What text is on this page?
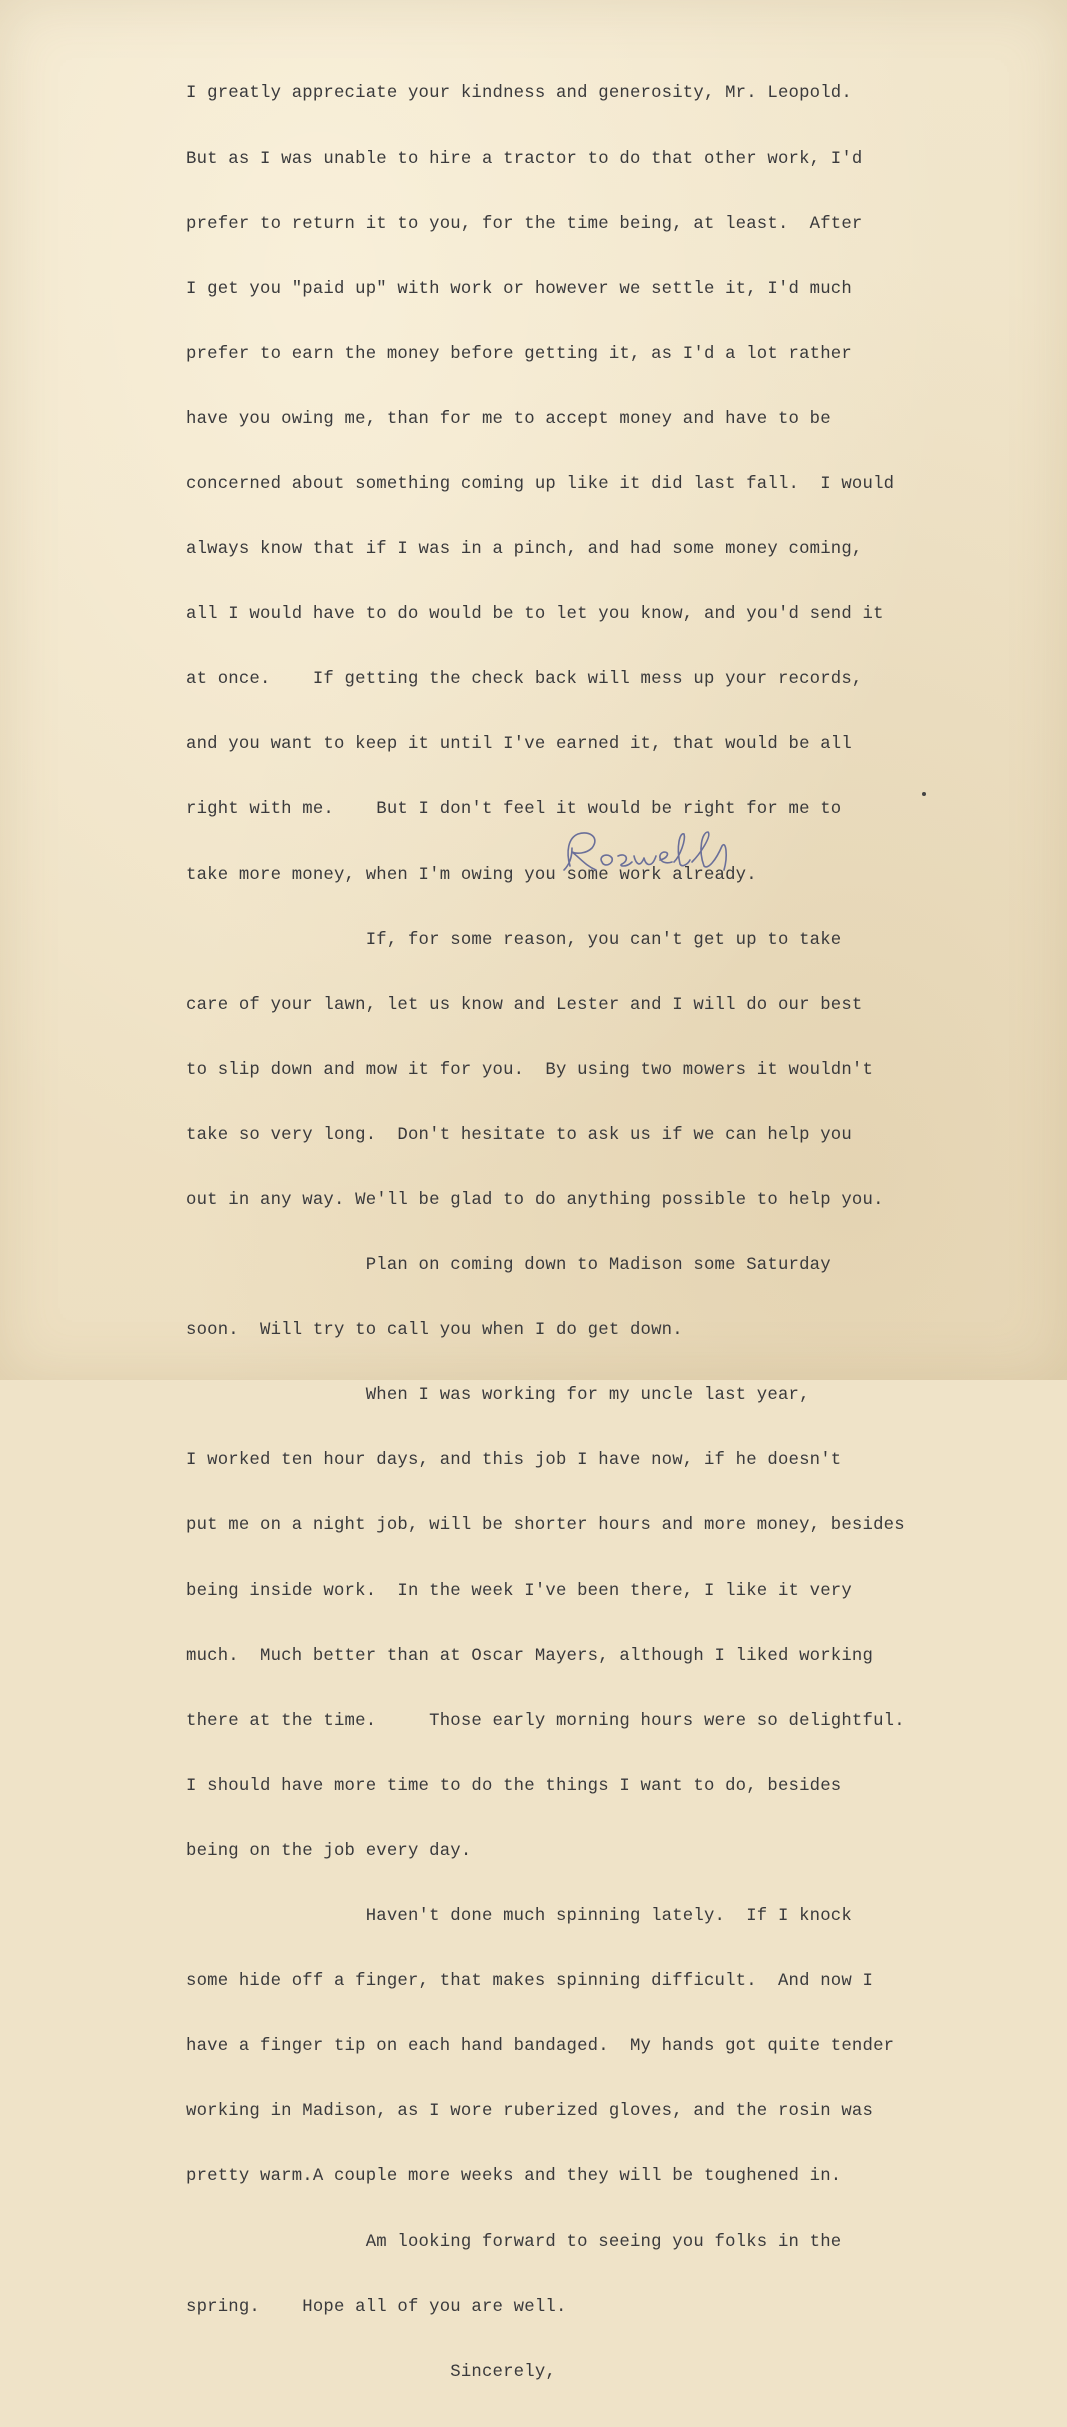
I greatly appreciate your kindness and generosity, Mr. Leopold.

But as I was unable to hire a tractor to do that other work, I'd

prefer to return it to you, for the time being, at least.  After

I get you "paid up" with work or however we settle it, I'd much

prefer to earn the money before getting it, as I'd a lot rather

have you owing me, than for me to accept money and have to be

concerned about something coming up like it did last fall.  I would

always know that if I was in a pinch, and had some money coming,

all I would have to do would be to let you know, and you'd send it

at once.    If getting the check back will mess up your records,

and you want to keep it until I've earned it, that would be all

right with me.    But I don't feel it would be right for me to

take more money, when I'm owing you some work already.

If, for some reason, you can't get up to take

care of your lawn, let us know and Lester and I will do our best

to slip down and mow it for you.  By using two mowers it wouldn't

take so very long.  Don't hesitate to ask us if we can help you

out in any way. We'll be glad to do anything possible to help you.

Plan on coming down to Madison some Saturday

soon.  Will try to call you when I do get down.

When I was working for my uncle last year,

I worked ten hour days, and this job I have now, if he doesn't

put me on a night job, will be shorter hours and more money, besides

being inside work.  In the week I've been there, I like it very

much.  Much better than at Oscar Mayers, although I liked working

there at the time.     Those early morning hours were so delightful.

I should have more time to do the things I want to do, besides

being on the job every day.

Haven't done much spinning lately.  If I knock

some hide off a finger, that makes spinning difficult.  And now I

have a finger tip on each hand bandaged.  My hands got quite tender

working in Madison, as I wore ruberized gloves, and the rosin was

pretty warm.A couple more weeks and they will be toughened in.

Am looking forward to seeing you folks in the

spring.    Hope all of you are well.

Sincerely,
